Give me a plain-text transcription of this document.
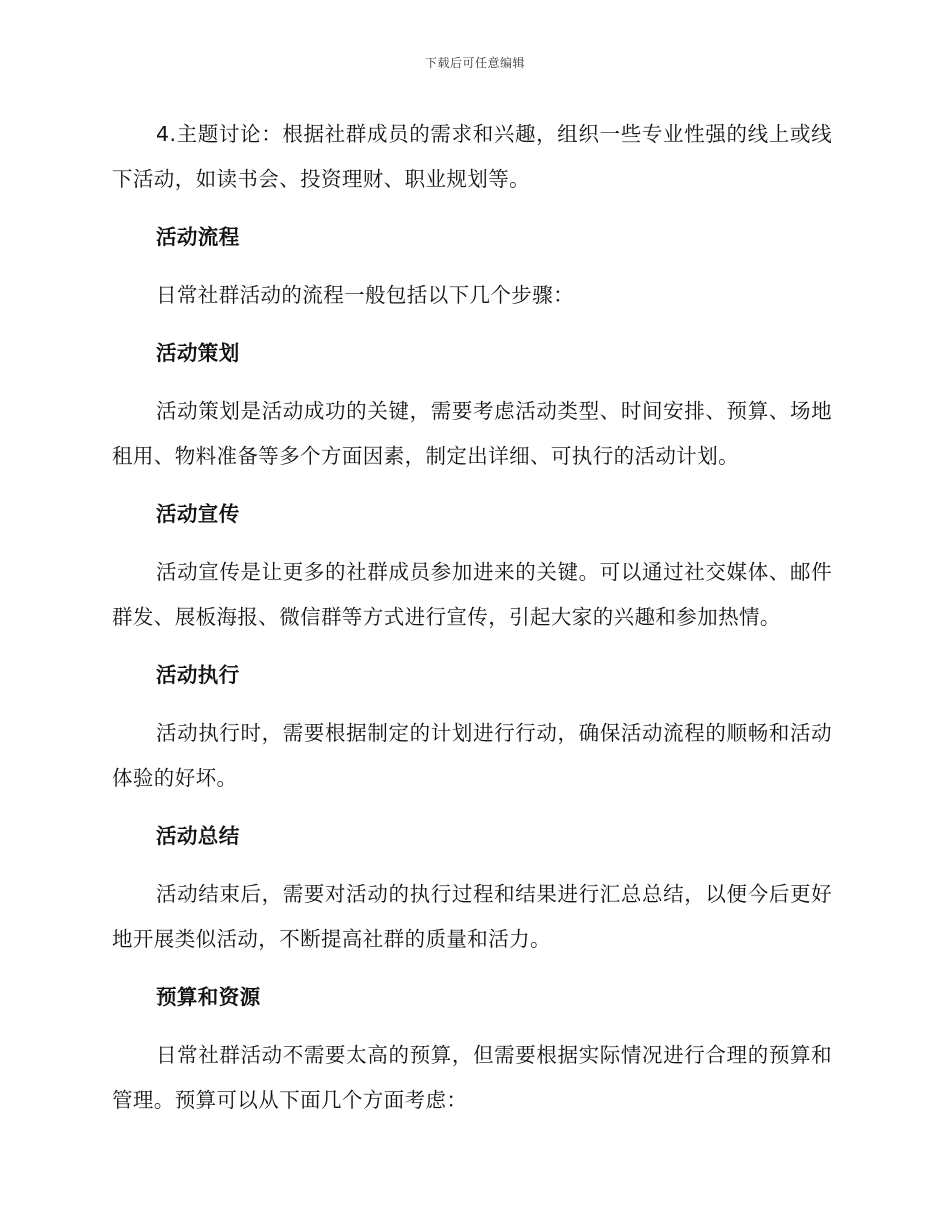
下载后可任意编辑

4.主题讨论：根据社群成员的需求和兴趣，组织一些专业性强的线上或线下活动，如读书会、投资理财、职业规划等。

活动流程

日常社群活动的流程一般包括以下几个步骤：

活动策划

活动策划是活动成功的关键，需要考虑活动类型、时间安排、预算、场地租用、物料准备等多个方面因素，制定出详细、可执行的活动计划。

活动宣传

活动宣传是让更多的社群成员参加进来的关键。可以通过社交媒体、邮件群发、展板海报、微信群等方式进行宣传，引起大家的兴趣和参加热情。

活动执行

活动执行时，需要根据制定的计划进行行动，确保活动流程的顺畅和活动体验的好坏。

活动总结

活动结束后，需要对活动的执行过程和结果进行汇总总结，以便今后更好地开展类似活动，不断提高社群的质量和活力。

预算和资源

日常社群活动不需要太高的预算，但需要根据实际情况进行合理的预算和管理。预算可以从下面几个方面考虑：
